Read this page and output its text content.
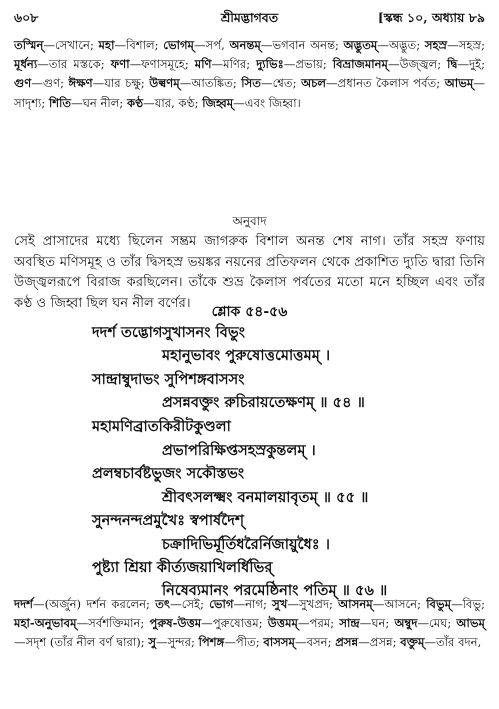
৬০৮	শ্রীমদ্ভাগবত	[স্কন্ধ ১০, অধ্যায় ৮৯
তস্মিন্—সেখানে; মহা—বিশাল; ভোগম্—সর্প, অনন্তম্—ভগবান অনন্ত; অদ্ভুতম্—অদ্ভুত; সহস্র—সহস্র; মূর্ধন্য—তার মস্তকে; ফণা—ফণাসমূহে; মণি—মণির; দ্যুভিঃ—প্রভায়; বিভ্রাজমানম্—উজ্জ্বল; দ্বি—দুই; গুণ—গুণ; ঈক্ষণ—যার চক্ষু; উল্বণম্—আতঙ্কিত; সিত—শ্বেত; অচল—প্রধানত কৈলাস পর্বত; আভম্—সাদৃশ্য; শিতি—ঘন নীল; কণ্ঠ—যার, কণ্ঠ; জিহ্বম্—এবং জিহ্বা।
অনুবাদ
সেই প্রাসাদের মধ্যে ছিলেন সম্ভ্রম জাগরুক বিশাল অনন্ত শেষ নাগ। তাঁর সহস্র ফণায় অবস্থিত মণিসমূহ ও তাঁর দ্বিসহস্র ভয়ঙ্কর নয়নের প্রতিফলন থেকে প্রকাশিত দ্যুতি দ্বারা তিনি উজ্জ্বলরূপে বিরাজ করছিলেন। তাঁকে শুভ্র কৈলাস পর্বতের মতো মনে হচ্ছিল এবং তাঁর কণ্ঠ ও জিহ্বা ছিল ঘন নীল বর্ণের।
শ্লোক ৫৪-৫৬
দদর্শ তদ্ভোগসুখাসনং বিভুং
মহানুভাবং পুরুষোত্তমোত্তমম্ ।
সান্দ্রাম্বুদাভং সুপিশঙ্গবাসসং
প্রসন্নবক্তুং রুচিরায়তেক্ষণম্ ॥ ৫৪ ॥
মহামণিব্রাতকিরীটকুণ্ডলা
প্রভাপরিক্ষিপ্তসহস্রকুন্তলম্ ।
প্রলম্বচার্বষ্টভুজং সকৌস্তভং
শ্রীবৎসলক্ষ্মং বনমালয়াবৃতম্ ॥ ৫৫ ॥
সুনন্দনন্দপ্রমুখৈঃ স্বপার্ষদৈশ্
চক্রাদিভির্মূর্তিধরৈর্নিজায়ুধৈঃ ।
পুষ্ট্যা শ্রিয়া কীর্ত্যজয়াখিলর্ধিভির্
নিষেব্যমানং পরমেষ্ঠিনাং পতিম্ ॥ ৫৬ ॥
দদর্শ—(অর্জুন) দর্শন করলেন; তৎ—সেই; ভোগ—নাগ; সুখ—সুখপ্রদ; আসনম্—আসনে; বিভুম্—বিভু; মহা-অনুভাবম্—সর্বশক্তিমান; পুরুষ-উত্তম—পুরুষোত্তম; উত্তমম্—পরম; সান্দ্র—ঘন; অম্বুদ—মেঘ; আভম্—সদৃশ (তাঁর নীল বর্ণ দ্বারা); সু—সুন্দর; পিশঙ্গ—পীত; বাসসম্—বসন; প্রসন্ন—প্রসন্ন; বক্তুম্—তাঁর বদন,
